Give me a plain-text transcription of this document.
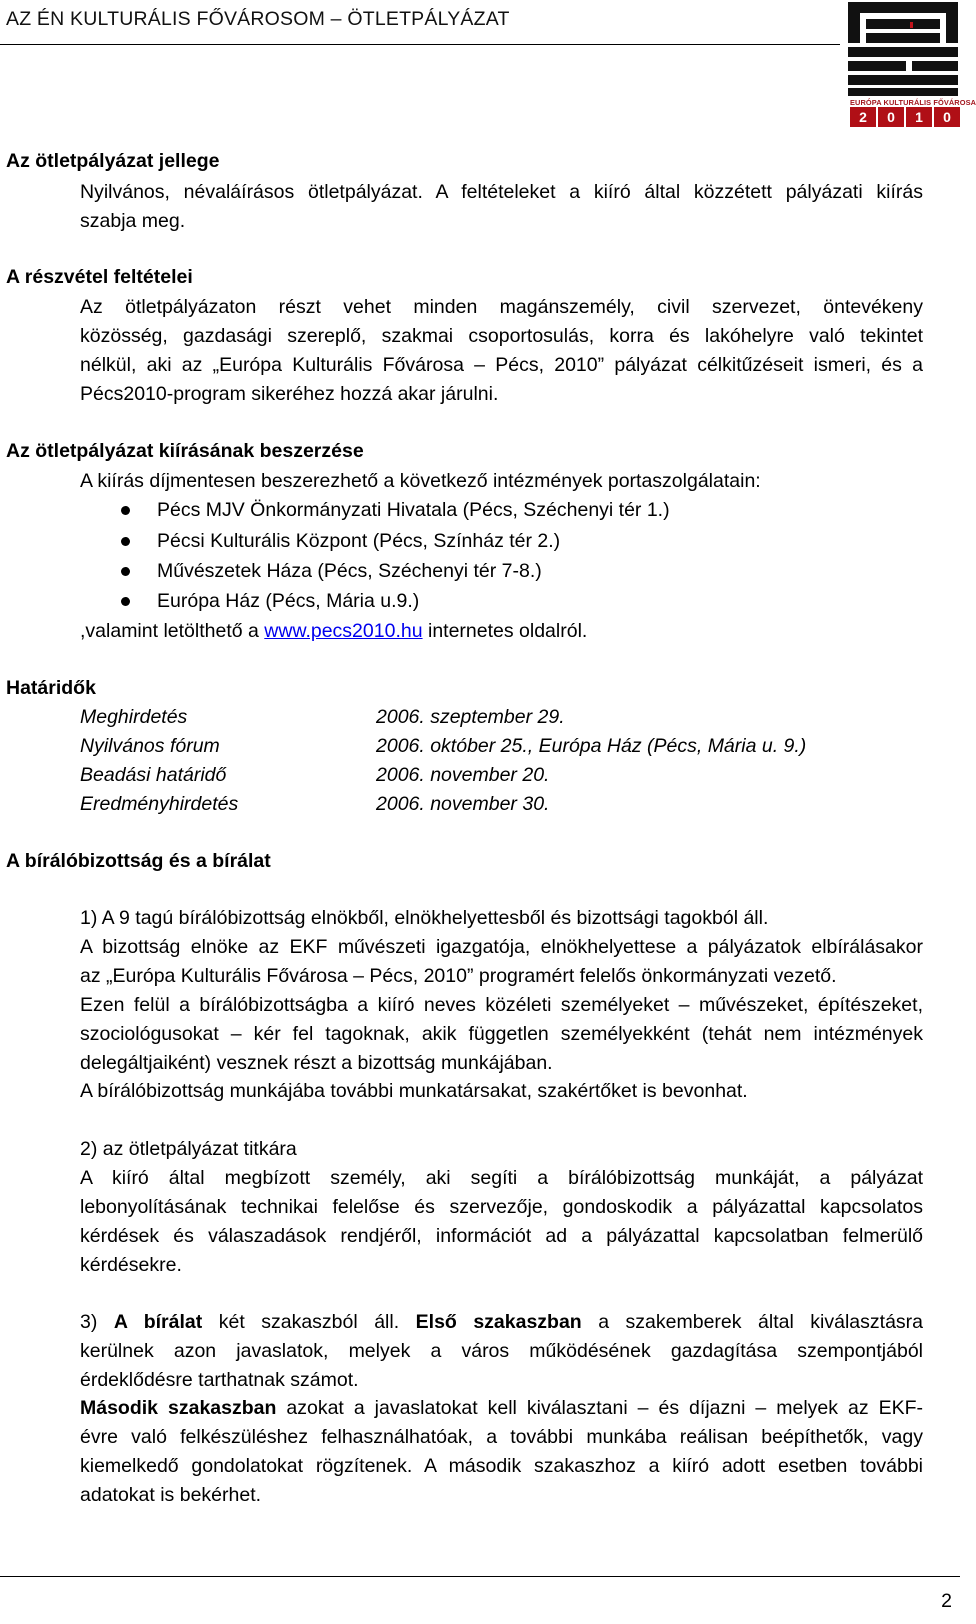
AZ ÉN KULTURÁLIS FŐVÁROSOM – ÖTLETPÁLYÁZAT
EURÓPA KULTURÁLIS FŐVÁROSA
2	0	1	0
Az ötletpályázat jellege
Nyilvános, névaláírásos ötletpályázat. A feltételeket a kiíró által közzétett pályázati kiírás
szabja meg.
A részvétel feltételei
Az ötletpályázaton részt vehet minden magánszemély, civil szervezet, öntevékeny
közösség, gazdasági szereplő, szakmai csoportosulás, korra és lakóhelyre való tekintet
nélkül, aki az „Európa Kulturális Fővárosa – Pécs, 2010” pályázat célkitűzéseit ismeri, és a
Pécs2010-program sikeréhez hozzá akar járulni.
Az ötletpályázat kiírásának beszerzése
A kiírás díjmentesen beszerezhető a következő intézmények portaszolgálatain:
Pécs MJV Önkormányzati Hivatala (Pécs, Széchenyi tér 1.)
Pécsi Kulturális Központ (Pécs, Színház tér 2.)
Művészetek Háza (Pécs, Széchenyi tér 7-8.)
Európa Ház (Pécs, Mária u.9.)
,valamint letölthető a www.pecs2010.hu internetes oldalról.
Határidők
Meghirdetés	2006. szeptember 29.
Nyilvános fórum	2006. október 25., Európa Ház (Pécs, Mária u. 9.)
Beadási határidő	2006. november 20.
Eredményhirdetés	2006. november 30.
A bírálóbizottság és a bírálat
1) A 9 tagú bírálóbizottság elnökből, elnökhelyettesből és bizottsági tagokból áll.
A bizottság elnöke az EKF művészeti igazgatója, elnökhelyettese a pályázatok elbírálásakor
az „Európa Kulturális Fővárosa – Pécs, 2010” programért felelős önkormányzati vezető.
Ezen felül a bírálóbizottságba a kiíró neves közéleti személyeket – művészeket, építészeket,
szociológusokat – kér fel tagoknak, akik független személyekként (tehát nem intézmények
delegáltjaiként) vesznek részt a bizottság munkájában.
A bírálóbizottság munkájába további munkatársakat, szakértőket is bevonhat.
2) az ötletpályázat titkára
A kiíró által megbízott személy, aki segíti a bírálóbizottság munkáját, a pályázat
lebonyolításának technikai felelőse és szervezője, gondoskodik a pályázattal kapcsolatos
kérdések és válaszadások rendjéről, információt ad a pályázattal kapcsolatban felmerülő
kérdésekre.
3) A bírálat két szakaszból áll. Első szakaszban a szakemberek által kiválasztásra
kerülnek azon javaslatok, melyek a város működésének gazdagítása szempontjából
érdeklődésre tarthatnak számot.
Második szakaszban azokat a javaslatokat kell kiválasztani – és díjazni – melyek az EKF-
évre való felkészüléshez felhasználhatóak, a további munkába reálisan beépíthetők, vagy
kiemelkedő gondolatokat rögzítenek. A második szakaszhoz a kiíró adott esetben további
adatokat is bekérhet.
2
